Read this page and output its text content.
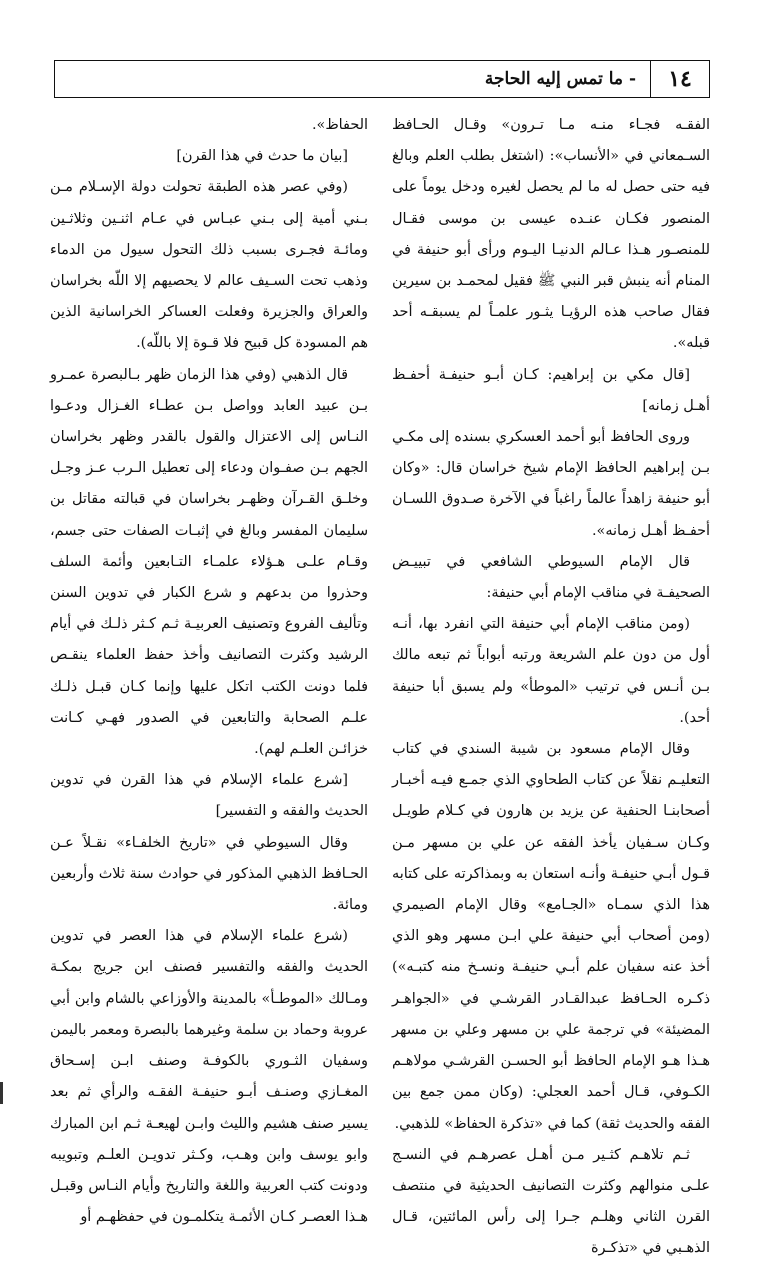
١٤
- ما تمس إليه الحاجة

الفقـه فجـاء منـه مـا تـرون» وقـال الحـافظ السـمعاني في «الأنساب»: (اشتغل بطلب العلم وبالغ فيه حتى حصل له ما لم يحصل لغيره ودخل يوماً على المنصور فكـان عنـده عيسى بن موسى فقـال للمنصـور هـذا عـالم الدنيـا اليـوم ورأى أبو حنيفة في المنام أنه ينبش قبر النبي ﷺ فقيل لمحمـد بن سيرين فقال صاحب هذه الرؤيـا يثـور علمـاً لم يسبقـه أحد قبله».

[قال مكي بن إبراهيم: كـان أبـو حنيفـة أحفـظ أهـل زمانه]

وروى الحافظ أبو أحمد العسكري بسنده إلى مكـي بـن إبراهيم الحافظ الإمام شيخ خراسان قال: «وكان أبو حنيفة زاهداً عالماً راغباً في الآخرة صـدوق اللسـان أحفـظ أهـل زمانه».

قال الإمام السيوطي الشافعي في تبييـض الصحيفـة في مناقب الإمام أبي حنيفة:

(ومن مناقب الإمام أبي حنيفة التي انفرد بها، أنـه أول من دون علم الشريعة ورتبه أبواباً ثم تبعه مالك بـن أنـس في ترتيب «الموطأ» ولم يسبق أبا حنيفة أحد).

وقال الإمام مسعود بن شيبة السندي في كتاب التعليـم نقلاً عن كتاب الطحاوي الذي جمـع فيـه أخبـار أصحابنـا الحنفية عن يزيد بن هارون في كـلام طويـل وكـان سـفيان يأخذ الفقه عن علي بن مسهر مـن قـول أبـي حنيفـة وأنـه استعان به وبمذاكرته على كتابه هذا الذي سمـاه «الجـامع» وقال الإمام الصيمري (ومن أصحاب أبي حنيفة علي ابـن مسهر وهو الذي أخذ عنه سفيان علم أبـي حنيفـة ونسـخ منه كتبـه») ذكـره الحـافظ عبدالقـادر القرشـي في «الجواهـر المضيئة» في ترجمة علي بن مسهر وعلي بن مسهر هـذا هـو الإمام الحافظ أبو الحسـن القرشـي مولاهـم الكـوفي، قـال أحمد العجلي: (وكان ممن جمع بين الفقه والحديث ثقة) كما في «تذكرة الحفاظ» للذهبي.

ثـم تلاهـم كثـير مـن أهـل عصرهـم في النسـج علـى منوالهم وكثرت التصانيف الحديثية في منتصف القرن الثاني وهلـم جـرا إلى رأس المائتين، قـال الذهـبي في «تذكـرة

الحفاظ».

[بيان ما حدث في هذا القرن]

(وفي عصر هذه الطبقة تحولت دولة الإسـلام مـن بـني أمية إلى بـني عبـاس في عـام اثنـين وثلاثـين ومائـة فجـرى بسبب ذلك التحول سيول من الدماء وذهب تحت السـيف عالم لا يحصيهم إلا اللّه بخراسان والعراق والجزيرة وفعلت العساكر الخراسانية الذين هم المسودة كل قبيح فلا قـوة إلا باللّه).

قال الذهبي (وفي هذا الزمان ظهر بـالبصرة عمـرو بـن عبيد العابد وواصل بـن عطـاء الغـزال ودعـوا النـاس إلى الاعتزال والقول بالقدر وظهر بخراسان الجهم بـن صفـوان ودعاء إلى تعطيل الـرب عـز وجـل وخلـق القـرآن وظهـر بخراسان في قبالته مقاتل بن سليمان المفسر وبالغ في إثبـات الصفات حتى جسم، وقـام علـى هـؤلاء علمـاء التـابعين وأئمة السلف وحذروا من بدعهم و شرع الكبار في تدوين السنن وتأليف الفروع وتصنيف العربيـة ثـم كـثر ذلـك في أيام الرشيد وكثرت التصانيف وأخذ حفظ العلماء ينقـص فلما دونت الكتب اتكل عليها وإنما كـان قبـل ذلـك علـم الصحابة والتابعين في الصدور فهـي كـانت خزائـن العلـم لهم).

[شرع علماء الإسلام في هذا القرن في تدوين الحديث والفقه و التفسير]

وقال السيوطي في «تاريخ الخلفـاء» نقـلاً عـن الحـافظ الذهبي المذكور في حوادث سنة ثلاث وأربعين ومائة.

(شرع علماء الإسلام في هذا العصر في تدوين الحديث والفقه والتفسير فصنف ابن جريج بمكـة ومـالك «الموطـأ» بالمدينة والأوزاعي بالشام وابن أبي عروبة وحماد بن سلمة وغيرهما بالبصرة ومعمر باليمن وسفيان الثـوري بالكوفـة وصنف ابـن إسـحاق المغـازي وصنـف أبـو حنيفـة الفقـه والرأي ثم بعد يسير صنف هشيم والليث وابـن لهيعـة ثـم ابن المبارك وابو يوسف وابن وهـب، وكـثر تدويـن العلـم وتبويبه ودونت كتب العربية واللغة والتاريخ وأيام النـاس وقبـل هـذا العصـر كـان الأئمـة يتكلمـون في حفظهـم أو
